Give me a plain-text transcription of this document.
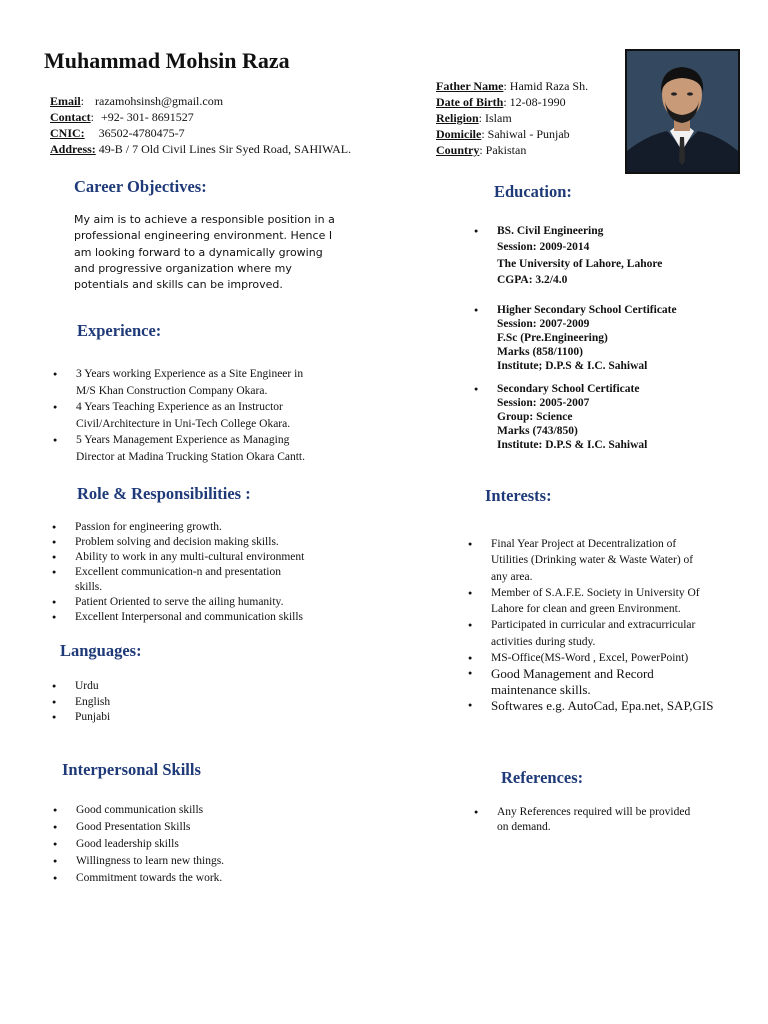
Muhammad Mohsin Raza
Email: razamohsinsh@gmail.com
Contact: +92- 301- 8691527
CNIC: 36502-4780475-7
Address: 49-B / 7 Old Civil Lines Sir Syed Road, SAHIWAL.
Father Name: Hamid Raza Sh.
Date of Birth: 12-08-1990
Religion: Islam
Domicile: Sahiwal - Punjab
Country: Pakistan
Career Objectives:
My aim is to achieve a responsible position in a
professional engineering environment. Hence I
am looking forward to a dynamically growing
and progressive organization where my
potentials and skills can be improved.
Experience:
● 3 Years working Experience as a Site Engineer in
M/S Khan Construction Company Okara.
● 4 Years Teaching Experience as an Instructor
Civil/Architecture in Uni-Tech College Okara.
● 5 Years Management Experience as Managing
Director at Madina Trucking Station Okara Cantt.
Role & Responsibilities :
● Passion for engineering growth.
● Problem solving and decision making skills.
● Ability to work in any multi-cultural environment
● Excellent communication-n and presentation
skills.
● Patient Oriented to serve the ailing humanity.
● Excellent Interpersonal and communication skills
Languages:
● Urdu
● English
● Punjabi
Interpersonal Skills
● Good communication skills
● Good Presentation Skills
● Good leadership skills
● Willingness to learn new things.
● Commitment towards the work.
Education:
● BS. Civil Engineering
Session: 2009-2014
The University of Lahore, Lahore
CGPA: 3.2/4.0
● Higher Secondary School Certificate
Session: 2007-2009
F.Sc (Pre.Engineering)
Marks (858/1100)
Institute; D.P.S & I.C. Sahiwal
● Secondary School Certificate
Session: 2005-2007
Group: Science
Marks (743/850)
Institute: D.P.S & I.C. Sahiwal
Interests:
● Final Year Project at Decentralization of
Utilities (Drinking water & Waste Water) of
any area.
● Member of S.A.F.E. Society in University Of
Lahore for clean and green Environment.
● Participated in curricular and extracurricular
activities during study.
● MS-Office(MS-Word , Excel, PowerPoint)
● Good Management and Record
maintenance skills.
● Softwares e.g. AutoCad, Epa.net, SAP,GIS
References:
● Any References required will be provided
on demand.
